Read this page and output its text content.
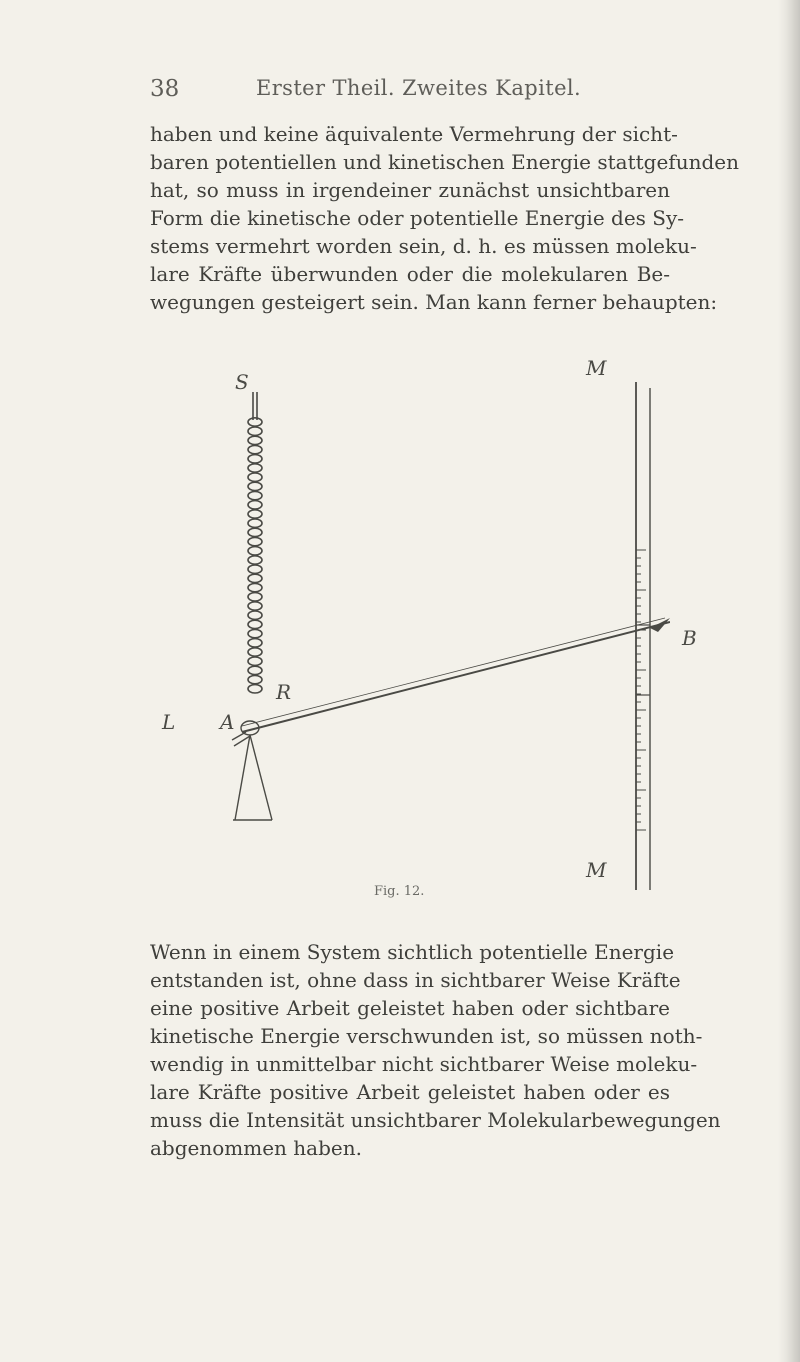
38	Erster Theil. Zweites Kapitel.
haben und keine äquivalente Vermehrung der sicht-
baren potentiellen und kinetischen Energie stattgefunden
hat, so muss in irgendeiner zunächst unsichtbaren
Form die kinetische oder potentielle Energie des Sy-
stems vermehrt worden sein, d. h. es müssen moleku-
lare Kräfte überwunden oder die molekularen Be-
wegungen gesteigert sein. Man kann ferner behaupten:
S
M
M
B
L A
R
Fig. 12.
Wenn in einem System sichtlich potentielle Energie
entstanden ist, ohne dass in sichtbarer Weise Kräfte
eine positive Arbeit geleistet haben oder sichtbare
kinetische Energie verschwunden ist, so müssen noth-
wendig in unmittelbar nicht sichtbarer Weise moleku-
lare Kräfte positive Arbeit geleistet haben oder es
muss die Intensität unsichtbarer Molekularbewegungen
abgenommen haben.
